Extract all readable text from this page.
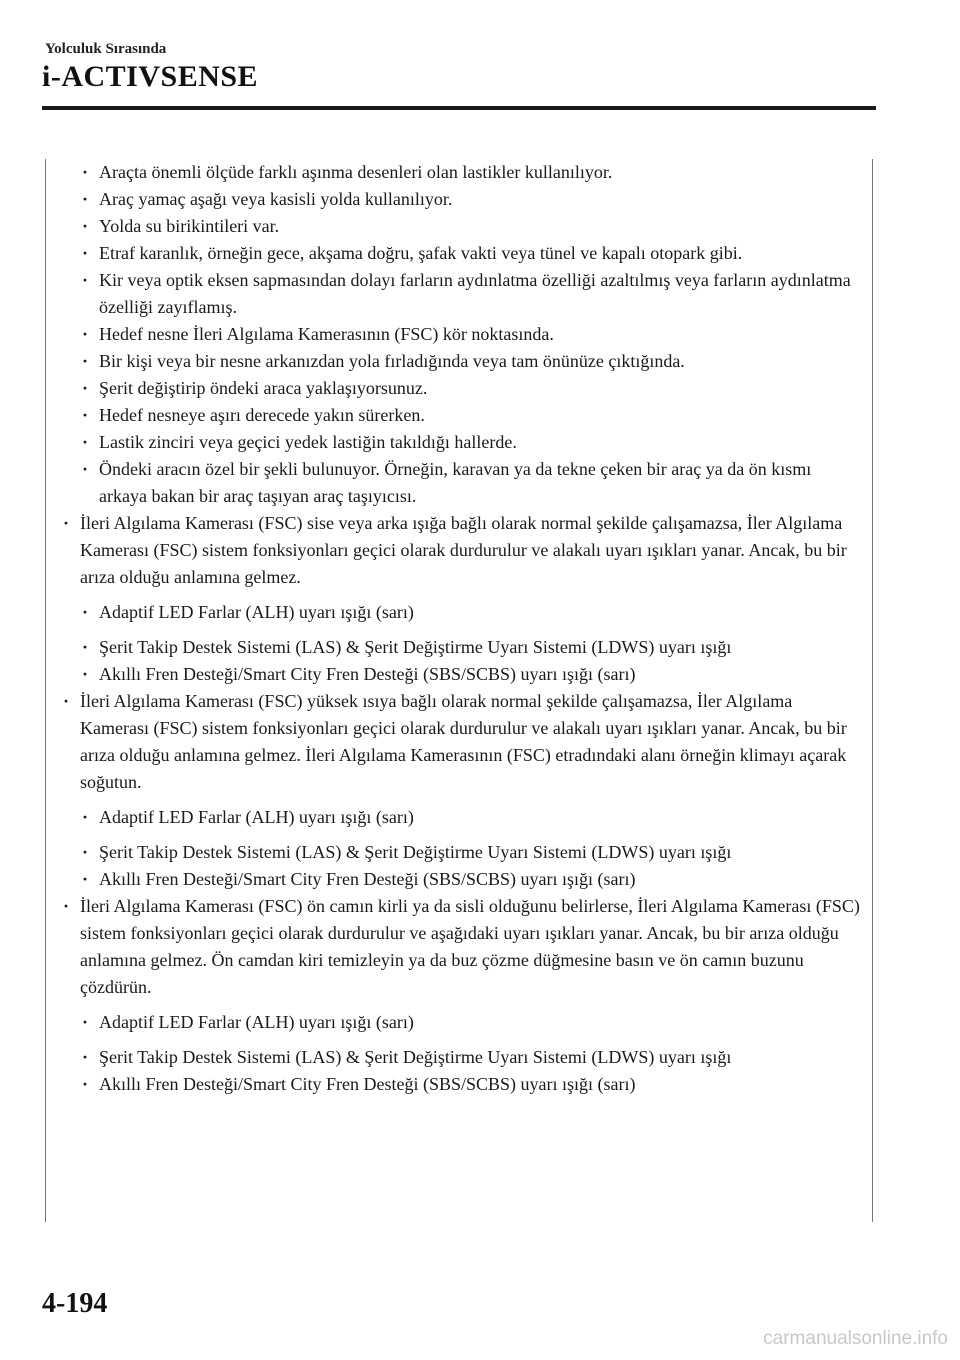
Yolculuk Sırasında
i-ACTIVSENSE
· Araçta önemli ölçüde farklı aşınma desenleri olan lastikler kullanılıyor.
· Araç yamaç aşağı veya kasisli yolda kullanılıyor.
· Yolda su birikintileri var.
· Etraf karanlık, örneğin gece, akşama doğru, şafak vakti veya tünel ve kapalı otopark gibi.
· Kir veya optik eksen sapmasından dolayı farların aydınlatma özelliği azaltılmış veya farların aydınlatma özelliği zayıflamış.
· Hedef nesne İleri Algılama Kamerasının (FSC) kör noktasında.
· Bir kişi veya bir nesne arkanızdan yola fırladığında veya tam önünüze çıktığında.
· Şerit değiştirip öndeki araca yaklaşıyorsunuz.
· Hedef nesneye aşırı derecede yakın sürerken.
· Lastik zinciri veya geçici yedek lastiğin takıldığı hallerde.
· Öndeki aracın özel bir şekli bulunuyor. Örneğin, karavan ya da tekne çeken bir araç ya da ön kısmı arkaya bakan bir araç taşıyan araç taşıyıcısı.
· İleri Algılama Kamerası (FSC) sise veya arka ışığa bağlı olarak normal şekilde çalışamazsa, İler Algılama Kamerası (FSC) sistem fonksiyonları geçici olarak durdurulur ve alakalı uyarı ışıkları yanar. Ancak, bu bir arıza olduğu anlamına gelmez.
· Adaptif LED Farlar (ALH) uyarı ışığı (sarı)
· Şerit Takip Destek Sistemi (LAS) & Şerit Değiştirme Uyarı Sistemi (LDWS) uyarı ışığı
· Akıllı Fren Desteği/Smart City Fren Desteği (SBS/SCBS) uyarı ışığı (sarı)
· İleri Algılama Kamerası (FSC) yüksek ısıya bağlı olarak normal şekilde çalışamazsa, İler Algılama Kamerası (FSC) sistem fonksiyonları geçici olarak durdurulur ve alakalı uyarı ışıkları yanar. Ancak, bu bir arıza olduğu anlamına gelmez. İleri Algılama Kamerasının (FSC) etradındaki alanı örneğin klimayı açarak soğutun.
· Adaptif LED Farlar (ALH) uyarı ışığı (sarı)
· Şerit Takip Destek Sistemi (LAS) & Şerit Değiştirme Uyarı Sistemi (LDWS) uyarı ışığı
· Akıllı Fren Desteği/Smart City Fren Desteği (SBS/SCBS) uyarı ışığı (sarı)
· İleri Algılama Kamerası (FSC) ön camın kirli ya da sisli olduğunu belirlerse, İleri Algılama Kamerası (FSC) sistem fonksiyonları geçici olarak durdurulur ve aşağıdaki uyarı ışıkları yanar. Ancak, bu bir arıza olduğu anlamına gelmez. Ön camdan kiri temizleyin ya da buz çözme düğmesine basın ve ön camın buzunu çözdürün.
· Adaptif LED Farlar (ALH) uyarı ışığı (sarı)
· Şerit Takip Destek Sistemi (LAS) & Şerit Değiştirme Uyarı Sistemi (LDWS) uyarı ışığı
· Akıllı Fren Desteği/Smart City Fren Desteği (SBS/SCBS) uyarı ışığı (sarı)
4-194
carmanualsonline.info
